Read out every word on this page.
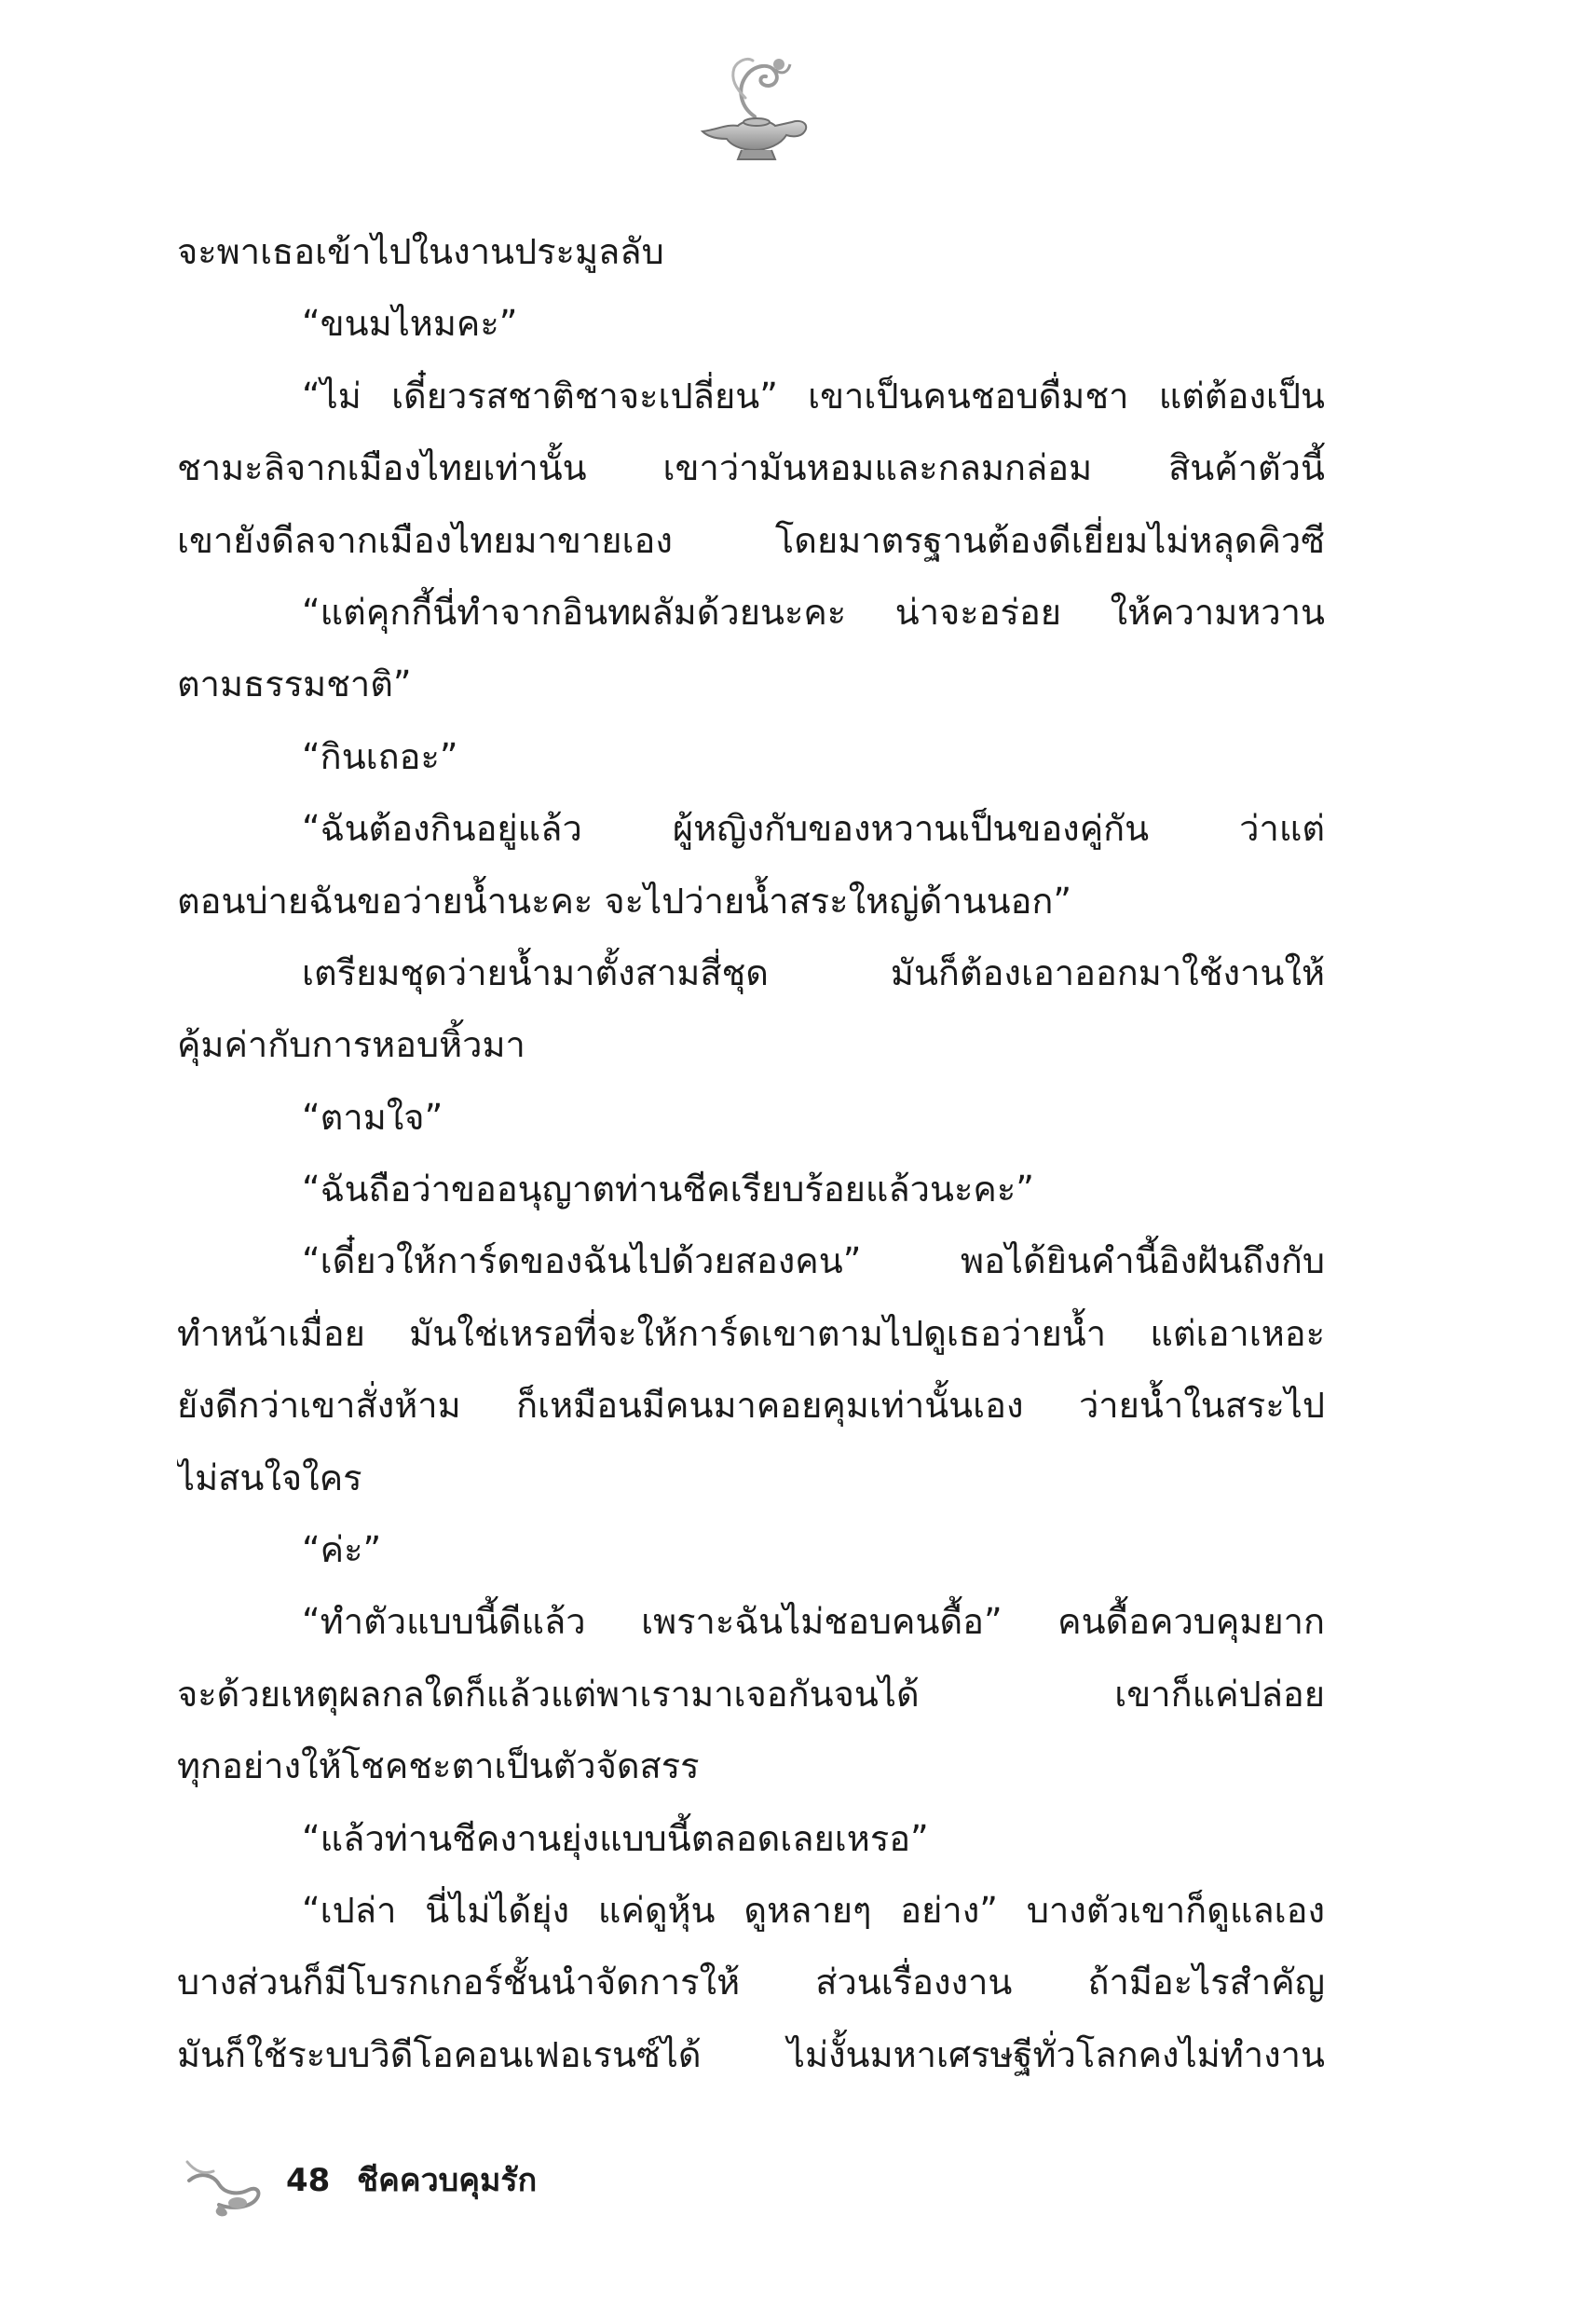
จะพาเธอเข้าไปในงานประมูลลับ
“ขนมไหมคะ”
“ไม่ เดี๋ยวรสชาติชาจะเปลี่ยน” เขาเป็นคนชอบดื่มชา แต่ต้องเป็น
ชามะลิจากเมืองไทยเท่านั้น เขาว่ามันหอมและกลมกล่อม สินค้าตัวนี้
เขายังดีลจากเมืองไทยมาขายเอง โดยมาตรฐานต้องดีเยี่ยมไม่หลุดคิวซี
“แต่คุกกี้นี่ทำจากอินทผลัมด้วยนะคะ น่าจะอร่อย ให้ความหวาน
ตามธรรมชาติ”
“กินเถอะ”
“ฉันต้องกินอยู่แล้ว ผู้หญิงกับของหวานเป็นของคู่กัน ว่าแต่
ตอนบ่ายฉันขอว่ายน้ำนะคะ จะไปว่ายน้ำสระใหญ่ด้านนอก”
เตรียมชุดว่ายน้ำมาตั้งสามสี่ชุด มันก็ต้องเอาออกมาใช้งานให้
คุ้มค่ากับการหอบหิ้วมา
“ตามใจ”
“ฉันถือว่าขออนุญาตท่านชีคเรียบร้อยแล้วนะคะ”
“เดี๋ยวให้การ์ดของฉันไปด้วยสองคน” พอได้ยินคำนี้อิงฝันถึงกับ
ทำหน้าเมื่อย มันใช่เหรอที่จะให้การ์ดเขาตามไปดูเธอว่ายน้ำ แต่เอาเหอะ
ยังดีกว่าเขาสั่งห้าม ก็เหมือนมีคนมาคอยคุมเท่านั้นเอง ว่ายน้ำในสระไป
ไม่สนใจใคร
“ค่ะ”
“ทำตัวแบบนี้ดีแล้ว เพราะฉันไม่ชอบคนดื้อ” คนดื้อควบคุมยาก
จะด้วยเหตุผลกลใดก็แล้วแต่พาเรามาเจอกันจนได้ เขาก็แค่ปล่อย
ทุกอย่างให้โชคชะตาเป็นตัวจัดสรร
“แล้วท่านชีคงานยุ่งแบบนี้ตลอดเลยเหรอ”
“เปล่า นี่ไม่ได้ยุ่ง แค่ดูหุ้น ดูหลายๆ อย่าง” บางตัวเขาก็ดูแลเอง
บางส่วนก็มีโบรกเกอร์ชั้นนำจัดการให้ ส่วนเรื่องงาน ถ้ามีอะไรสำคัญ
มันก็ใช้ระบบวิดีโอคอนเฟอเรนซ์ได้ ไม่งั้นมหาเศรษฐีทั่วโลกคงไม่ทำงาน
48 ชีคควบคุมรัก
